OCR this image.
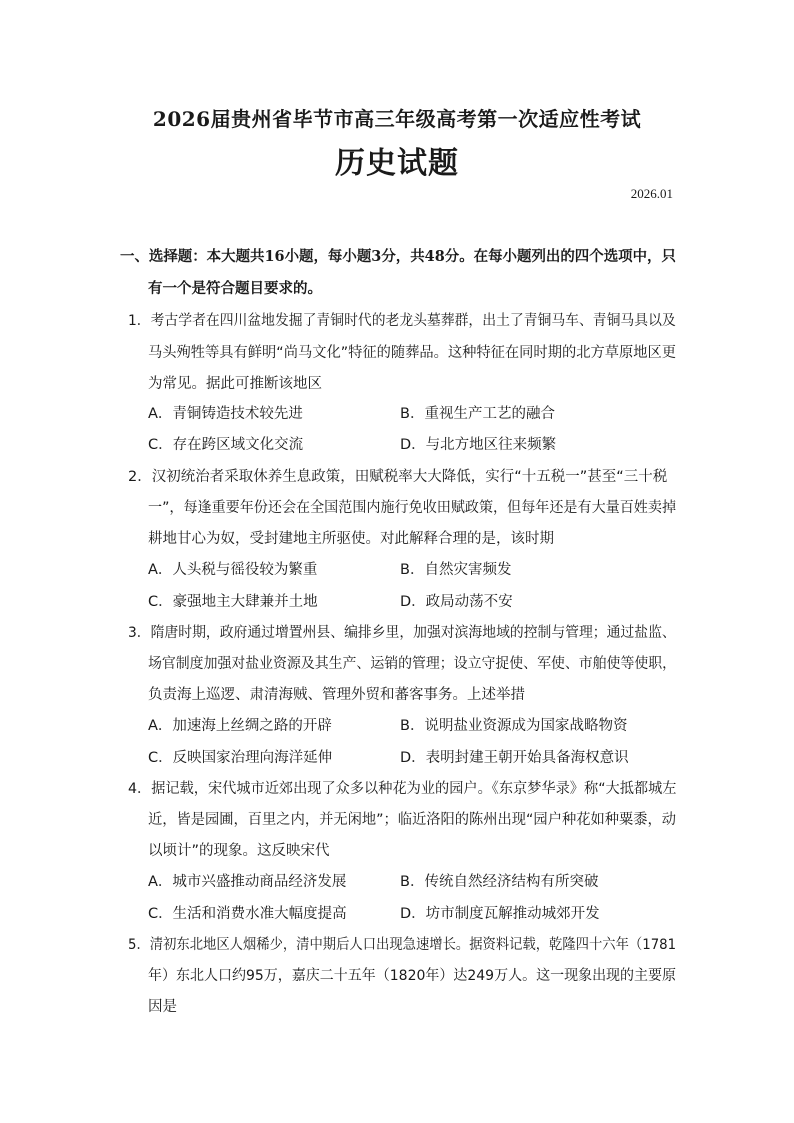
2026届贵州省毕节市高三年级高考第一次适应性考试
历史试题
2026.01
一、选择题：本大题共16小题，每小题3分，共48分。在每小题列出的四个选项中，只
有一个是符合题目要求的。
1．考古学者在四川盆地发掘了青铜时代的老龙头墓葬群，出土了青铜马车、青铜马具以及
马头殉牲等具有鲜明“尚马文化”特征的随葬品。这种特征在同时期的北方草原地区更
为常见。据此可推断该地区
A．青铜铸造技术较先进	B．重视生产工艺的融合
C．存在跨区域文化交流	D．与北方地区往来频繁
2．汉初统治者采取休养生息政策，田赋税率大大降低，实行“十五税一”甚至“三十税
一”，每逢重要年份还会在全国范围内施行免收田赋政策，但每年还是有大量百姓卖掉
耕地甘心为奴，受封建地主所驱使。对此解释合理的是，该时期
A．人头税与徭役较为繁重	B．自然灾害频发
C．豪强地主大肆兼并土地	D．政局动荡不安
3．隋唐时期，政府通过增置州县、编排乡里，加强对滨海地域的控制与管理；通过盐监、
场官制度加强对盐业资源及其生产、运销的管理；设立守捉使、军使、市舶使等使职，
负责海上巡逻、肃清海贼、管理外贸和蕃客事务。上述举措
A．加速海上丝绸之路的开辟	B．说明盐业资源成为国家战略物资
C．反映国家治理向海洋延伸	D．表明封建王朝开始具备海权意识
4．据记载，宋代城市近郊出现了众多以种花为业的园户。《东京梦华录》称“大抵都城左
近，皆是园圃，百里之内，并无闲地”；临近洛阳的陈州出现“园户种花如种粟黍，动
以顷计”的现象。这反映宋代
A．城市兴盛推动商品经济发展	B．传统自然经济结构有所突破
C．生活和消费水准大幅度提高	D．坊市制度瓦解推动城郊开发
5．清初东北地区人烟稀少，清中期后人口出现急速增长。据资料记载，乾隆四十六年（1781
年）东北人口约95万，嘉庆二十五年（1820年）达249万人。这一现象出现的主要原
因是
